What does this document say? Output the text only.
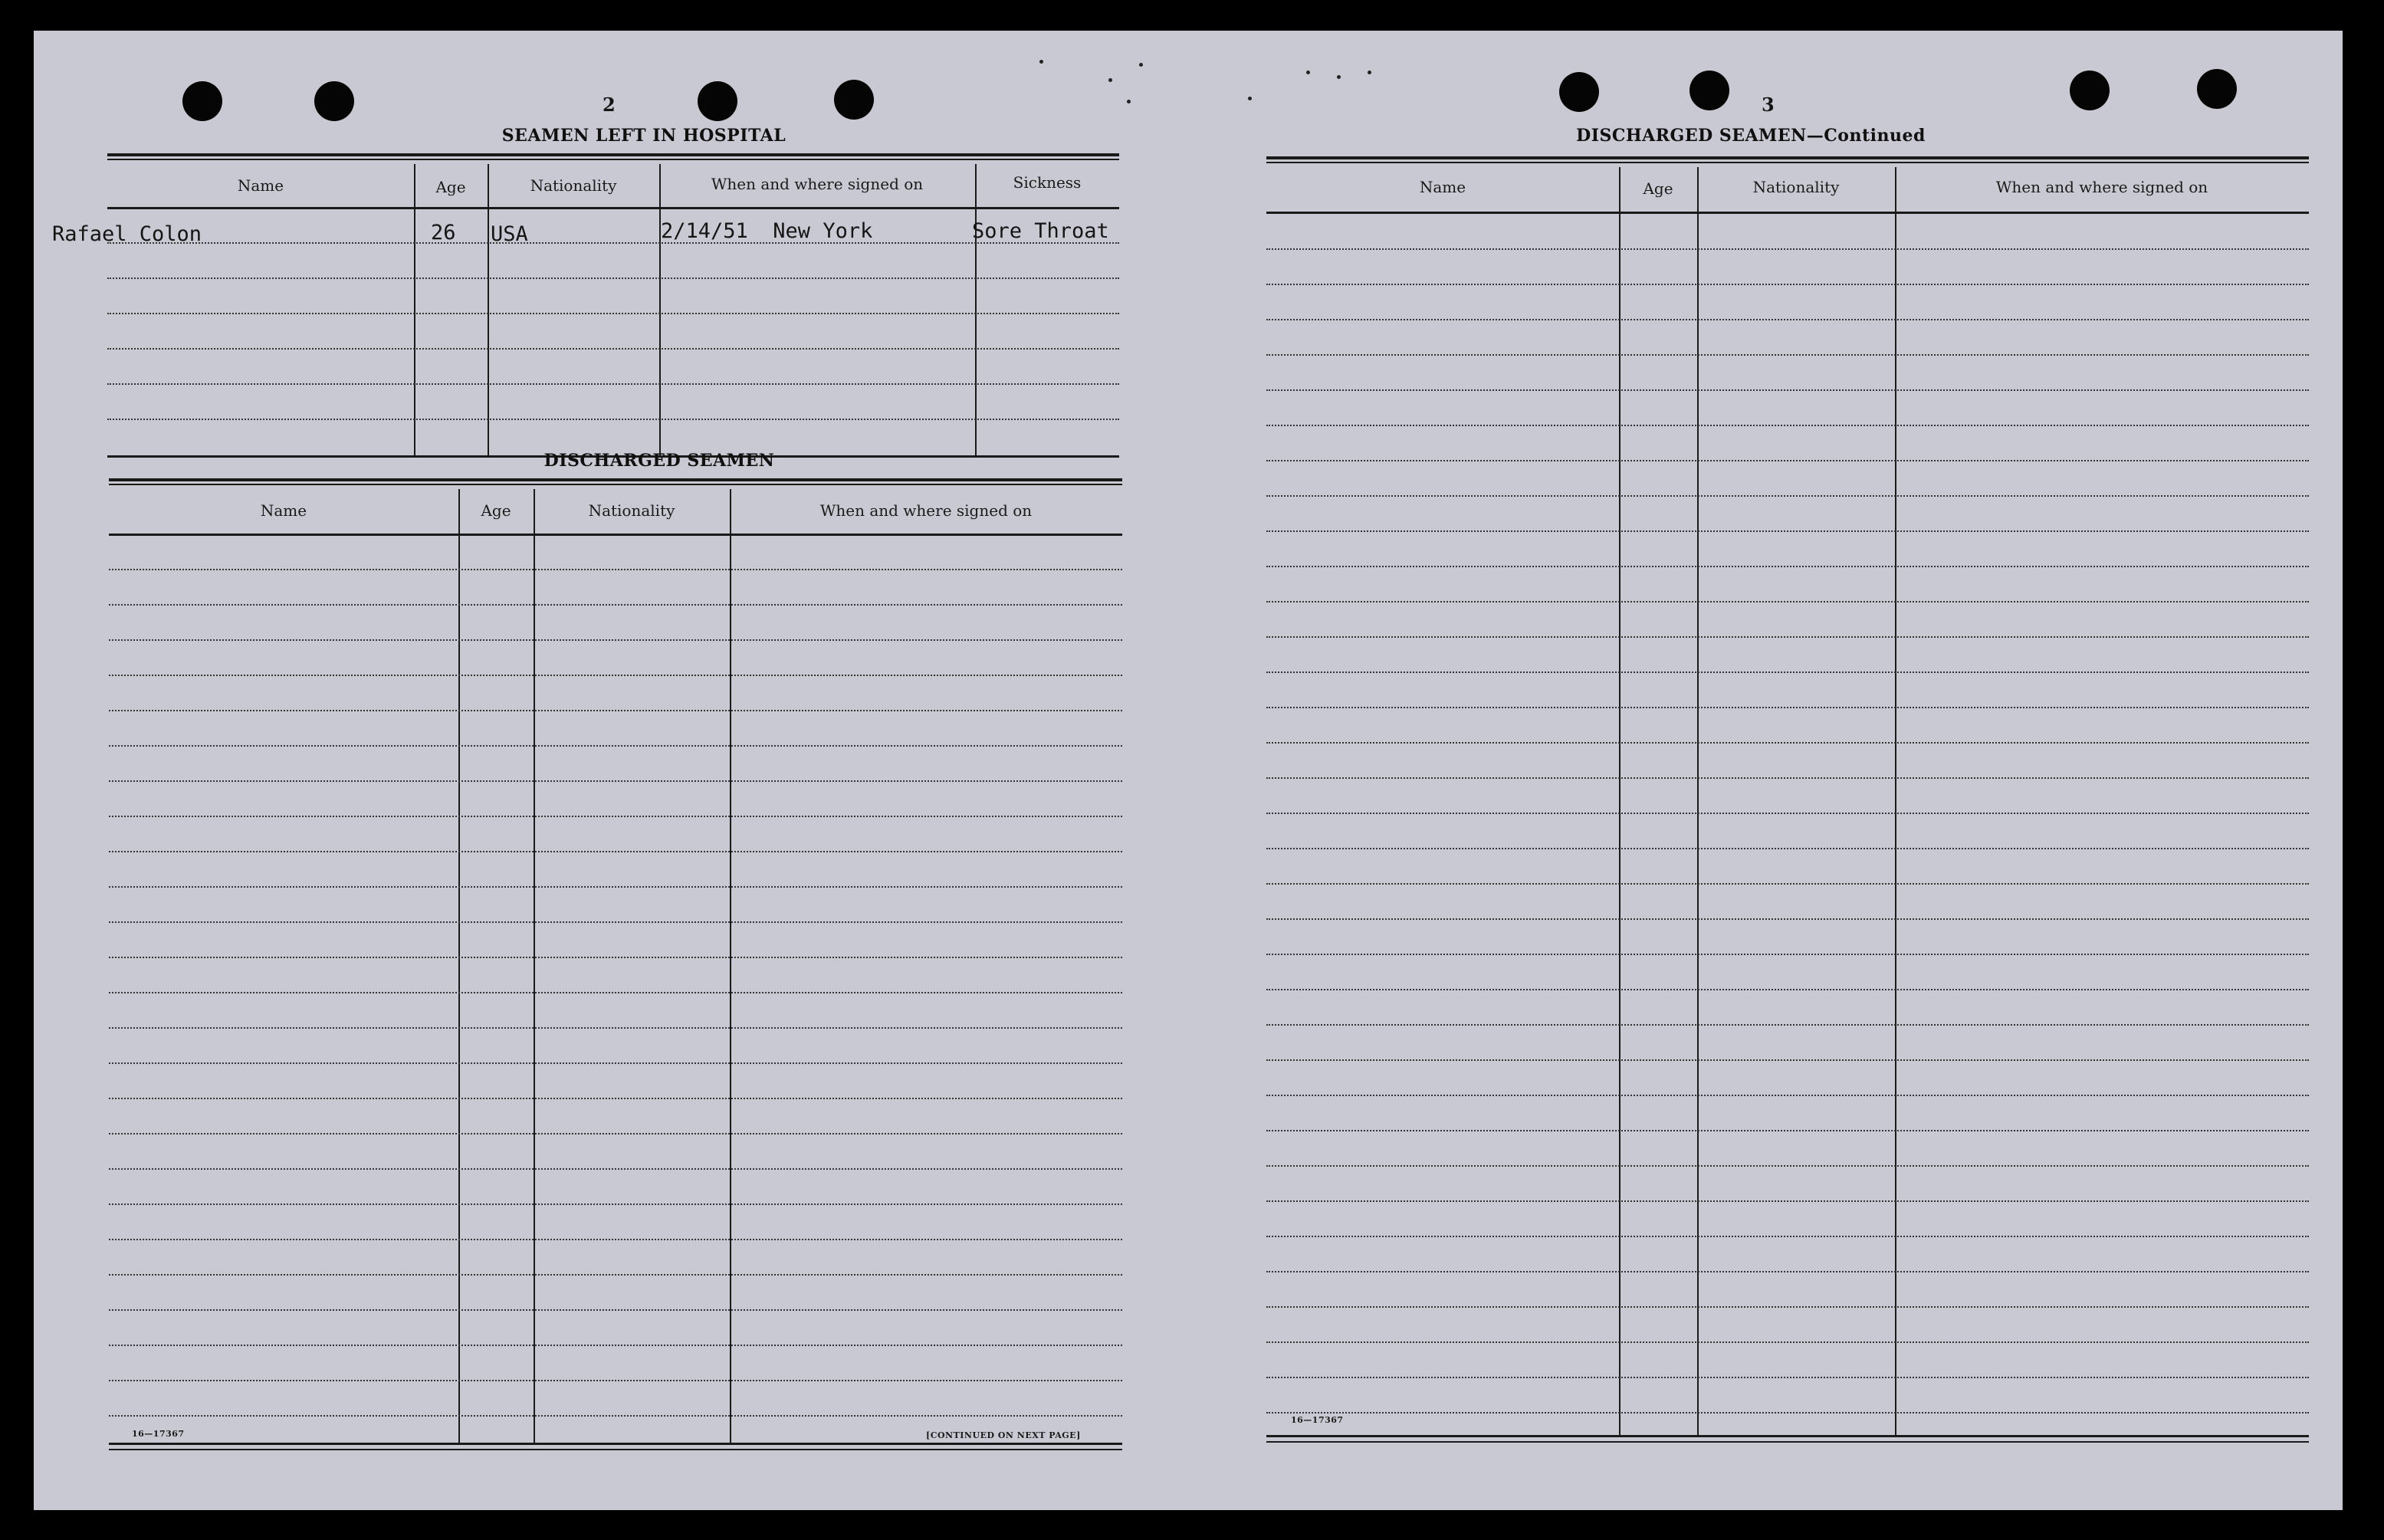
2
SEAMEN LEFT IN HOSPITAL
Name	Age	Nationality	When and where signed on	Sickness
Rafael Colon	26 USA	2/14/51  New York	Sore Throat
DISCHARGED SEAMEN
Name	Age	Nationality	When and where signed on
16—17367	[CONTINUED ON NEXT PAGE]
3
DISCHARGED SEAMEN—Continued
Name	Age	Nationality	When and where signed on
16—17367
